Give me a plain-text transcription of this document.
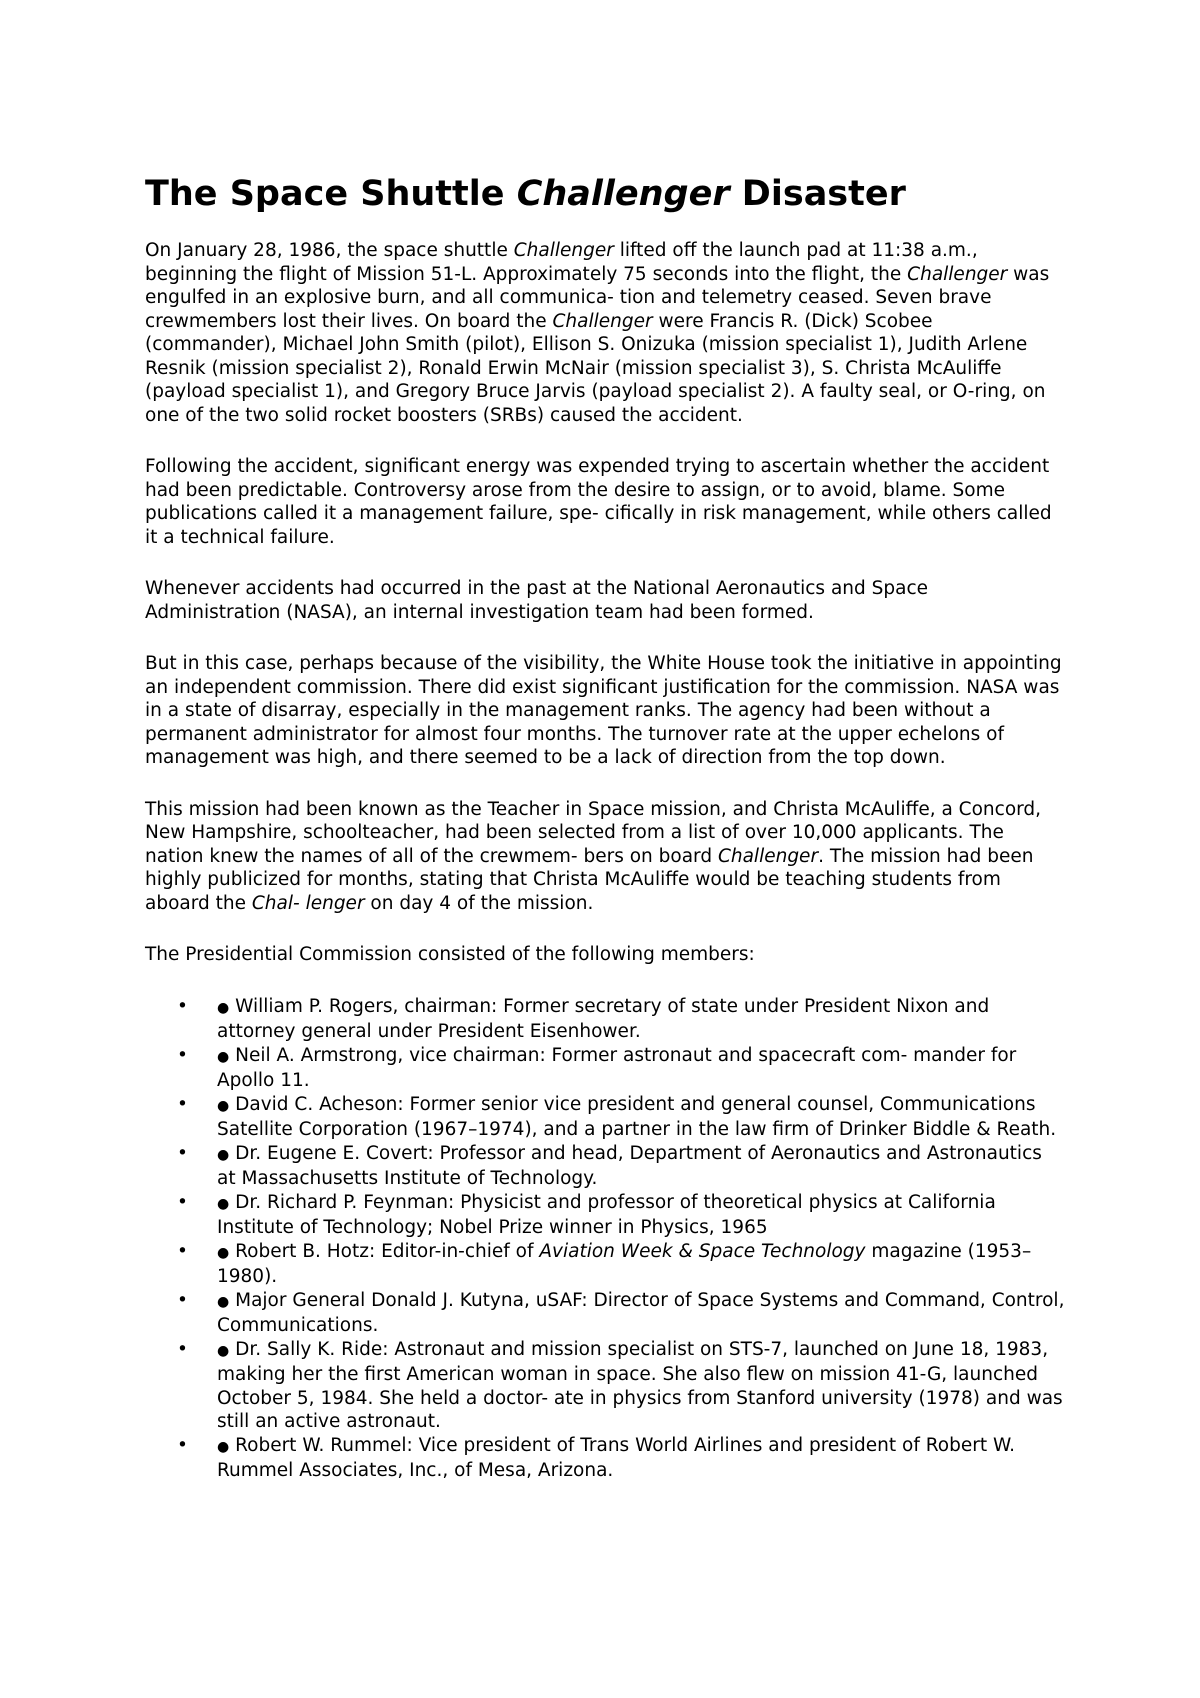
The Space Shuttle Challenger Disaster

On January 28, 1986, the space shuttle Challenger lifted off the launch pad at 11:38 a.m., beginning the flight of Mission 51-L. Approximately 75 seconds into the flight, the Challenger was engulfed in an explosive burn, and all communica- tion and telemetry ceased. Seven brave crewmembers lost their lives. On board the Challenger were Francis R. (Dick) Scobee (commander), Michael John Smith (pilot), Ellison S. Onizuka (mission specialist 1), Judith Arlene Resnik (mission specialist 2), Ronald Erwin McNair (mission specialist 3), S. Christa McAuliffe (payload specialist 1), and Gregory Bruce Jarvis (payload specialist 2). A faulty seal, or O-ring, on one of the two solid rocket boosters (SRBs) caused the accident.

Following the accident, significant energy was expended trying to ascertain whether the accident had been predictable. Controversy arose from the desire to assign, or to avoid, blame. Some publications called it a management failure, spe- cifically in risk management, while others called it a technical failure.

Whenever accidents had occurred in the past at the National Aeronautics and Space Administration (NASA), an internal investigation team had been formed.

But in this case, perhaps because of the visibility, the White House took the initiative in appointing an independent commission. There did exist significant justification for the commission. NASA was in a state of disarray, especially in the management ranks. The agency had been without a permanent administrator for almost four months. The turnover rate at the upper echelons of management was high, and there seemed to be a lack of direction from the top down.

This mission had been known as the Teacher in Space mission, and Christa McAuliffe, a Concord, New Hampshire, schoolteacher, had been selected from a list of over 10,000 applicants. The nation knew the names of all of the crewmem- bers on board Challenger. The mission had been highly publicized for months, stating that Christa McAuliffe would be teaching students from aboard the Chal- lenger on day 4 of the mission.

The Presidential Commission consisted of the following members:

• ● William P. Rogers, chairman: Former secretary of state under President Nixon and attorney general under President Eisenhower.
• ● Neil A. Armstrong, vice chairman: Former astronaut and spacecraft com- mander for Apollo 11.
• ● David C. Acheson: Former senior vice president and general counsel, Communications Satellite Corporation (1967–1974), and a partner in the law firm of Drinker Biddle & Reath.
• ● Dr. Eugene E. Covert: Professor and head, Department of Aeronautics and Astronautics at Massachusetts Institute of Technology.
• ● Dr. Richard P. Feynman: Physicist and professor of theoretical physics at California Institute of Technology; Nobel Prize winner in Physics, 1965
• ● Robert B. Hotz: Editor-in-chief of Aviation Week & Space Technology magazine (1953–1980).
• ● Major General Donald J. Kutyna, uSAF: Director of Space Systems and Command, Control, Communications.
• ● Dr. Sally K. Ride: Astronaut and mission specialist on STS-7, launched on June 18, 1983, making her the first American woman in space. She also flew on mission 41-G, launched October 5, 1984. She held a doctor- ate in physics from Stanford university (1978) and was still an active astronaut.
• ● Robert W. Rummel: Vice president of Trans World Airlines and president of Robert W. Rummel Associates, Inc., of Mesa, Arizona.
